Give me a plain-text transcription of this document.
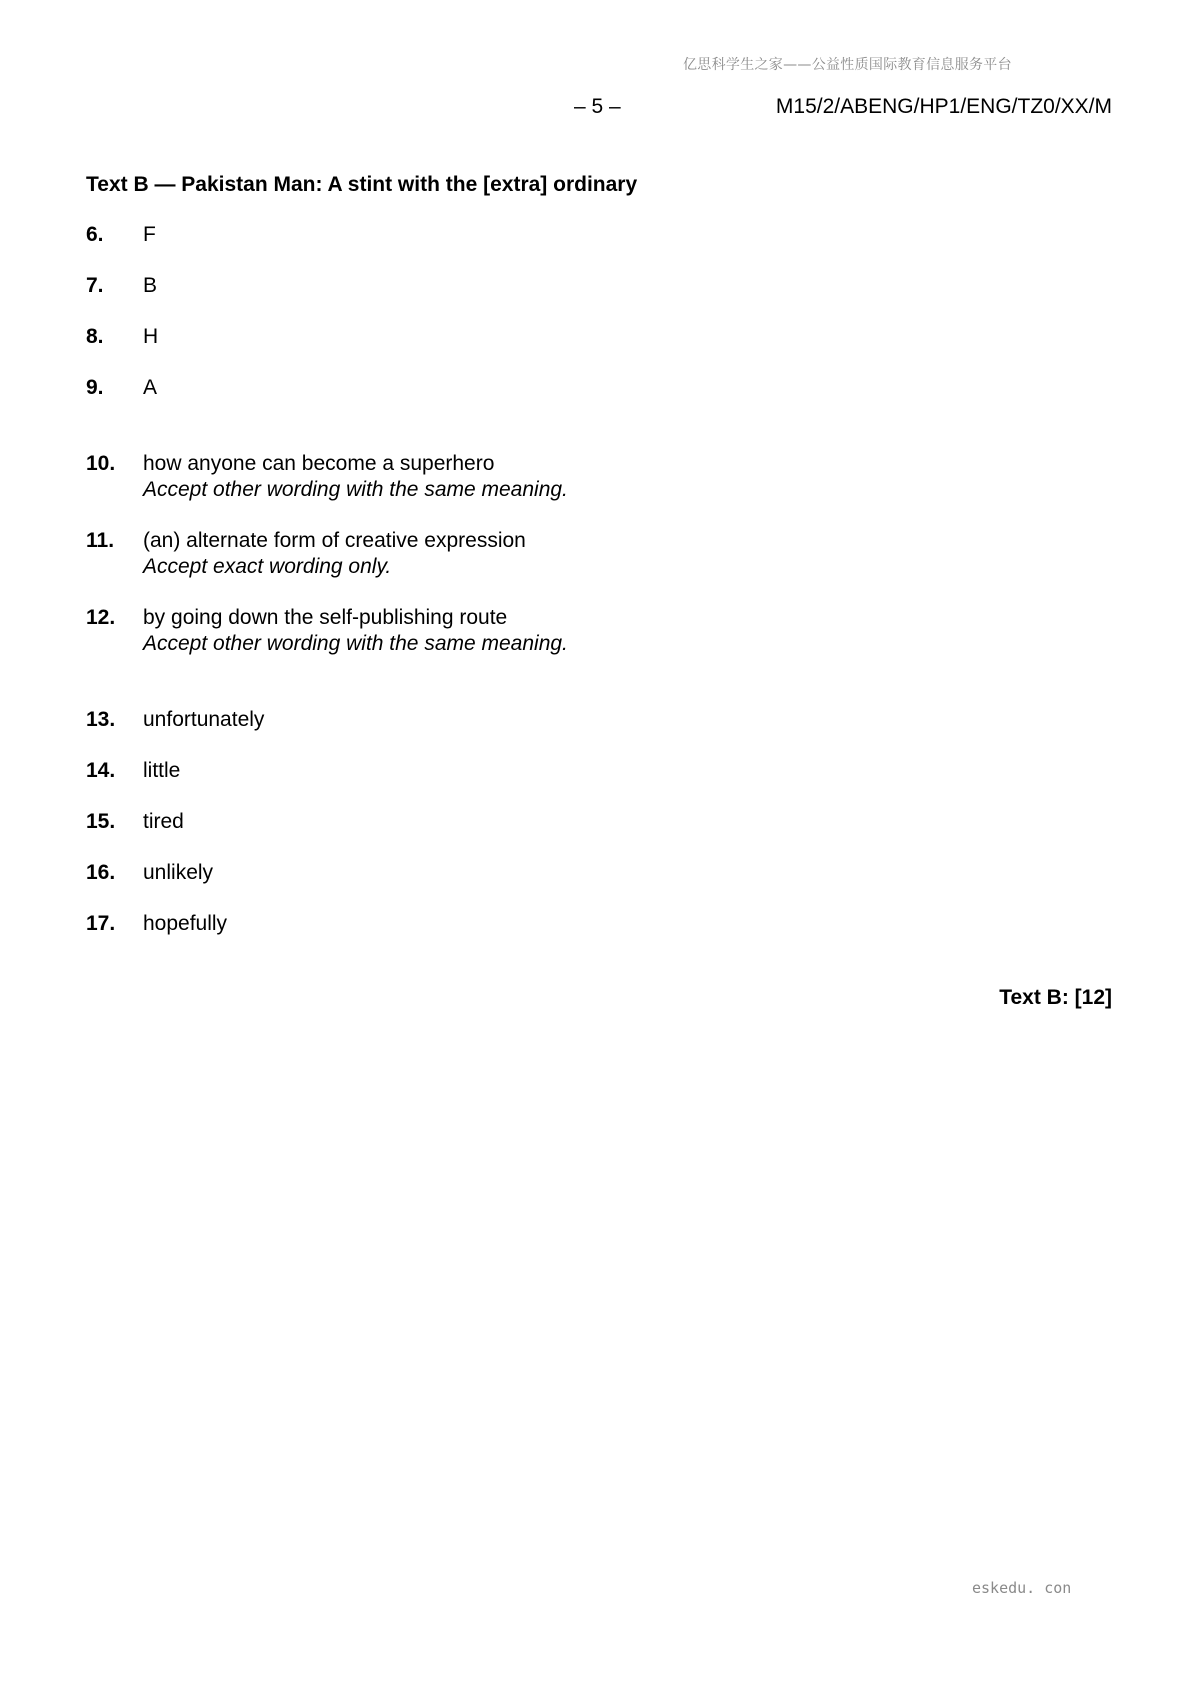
亿思科学生之家——公益性质国际教育信息服务平台
– 5 –	M15/2/ABENG/HP1/ENG/TZ0/XX/M
Text B — Pakistan Man: A stint with the [extra] ordinary
6.	F
7.	B
8.	H
9.	A
10.	how anyone can become a superhero
Accept other wording with the same meaning.
11.	(an) alternate form of creative expression
Accept exact wording only.
12.	by going down the self-publishing route
Accept other wording with the same meaning.
13.	unfortunately
14.	little
15.	tired
16.	unlikely
17.	hopefully
Text B: [12]
eskedu. con
